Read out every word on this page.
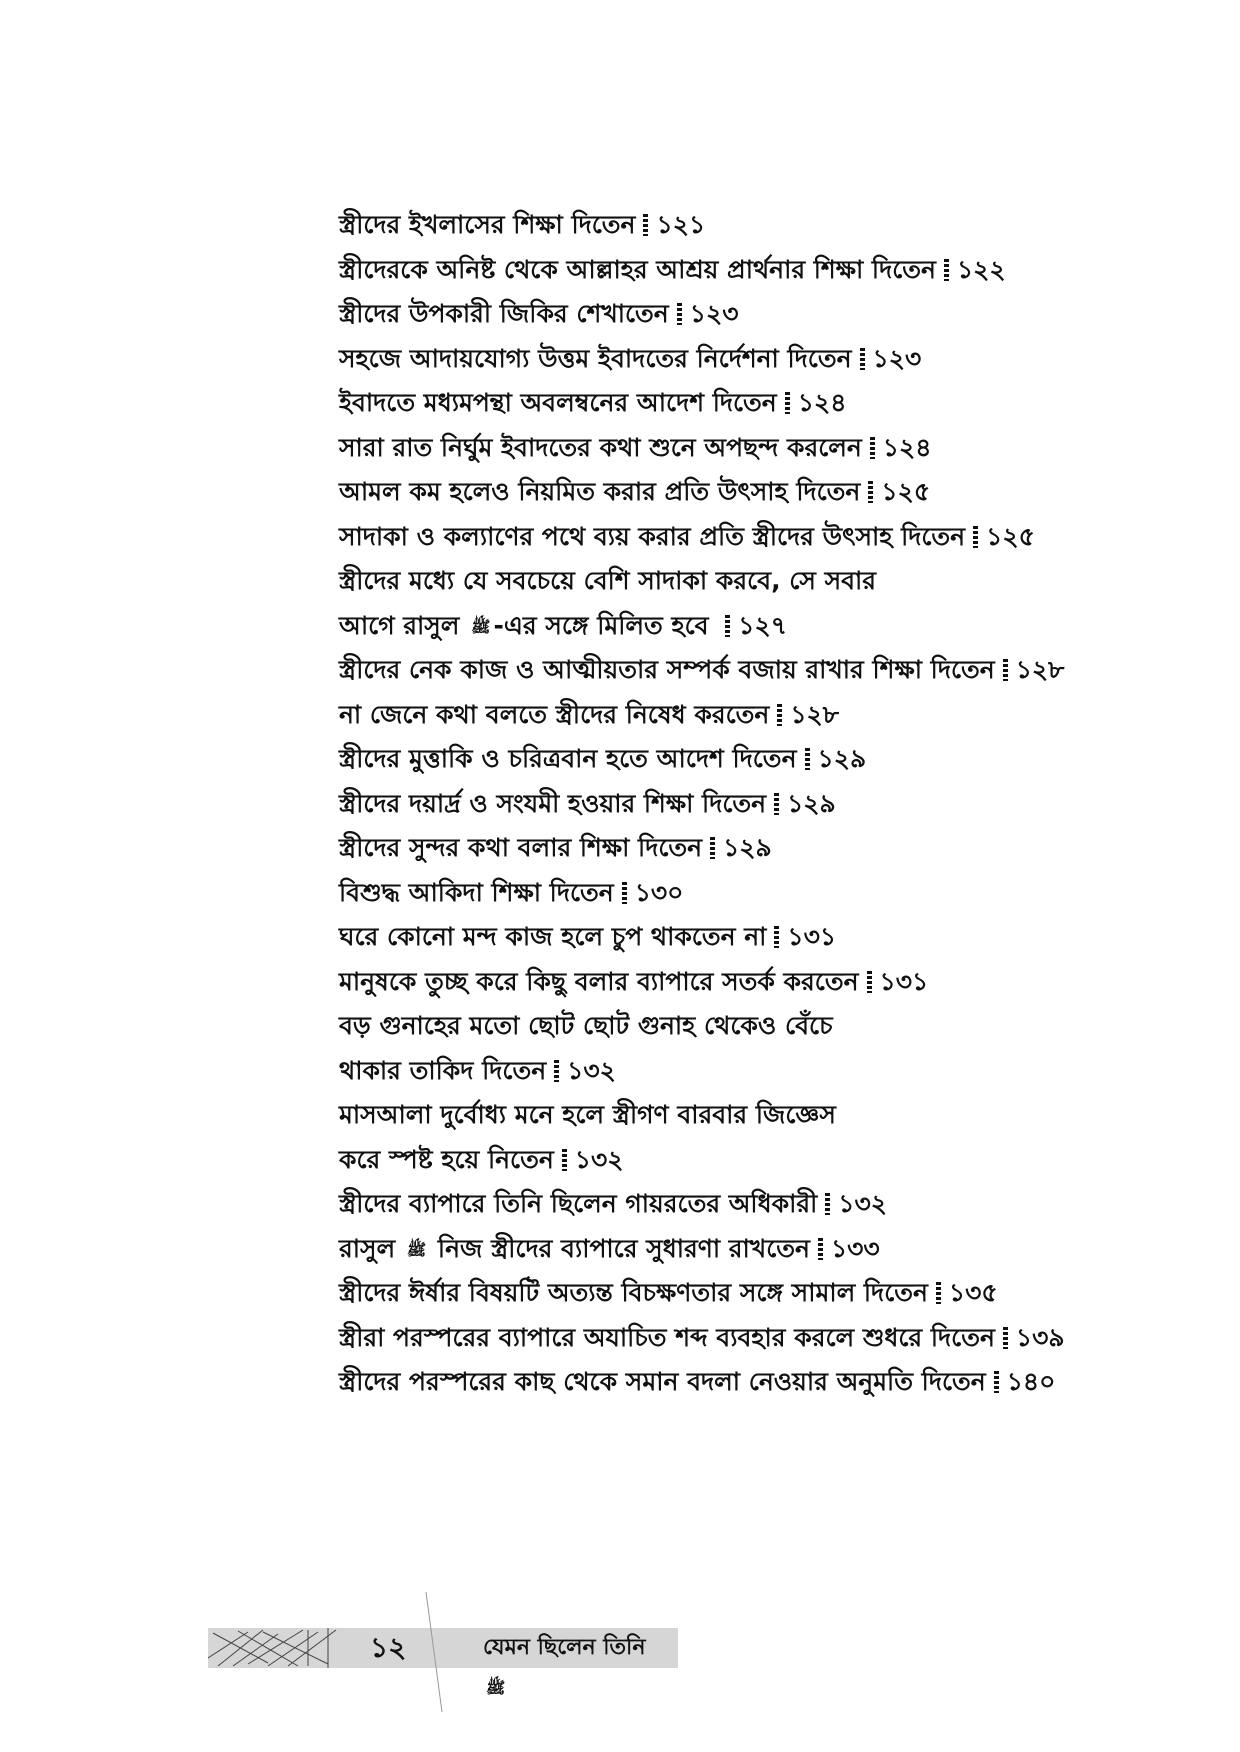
স্ত্রীদের ইখলাসের শিক্ষা দিতেন ১২১
স্ত্রীদেরকে অনিষ্ট থেকে আল্লাহর আশ্রয় প্রার্থনার শিক্ষা দিতেন ১২২
স্ত্রীদের উপকারী জিকির শেখাতেন ১২৩
সহজে আদায়যোগ্য উত্তম ইবাদতের নির্দেশনা দিতেন ১২৩
ইবাদতে মধ্যমপন্থা অবলম্বনের আদেশ দিতেন ১২৪
সারা রাত নির্ঘুম ইবাদতের কথা শুনে অপছন্দ করলেন ১২৪
আমল কম হলেও নিয়মিত করার প্রতি উৎসাহ দিতেন ১২৫
সাদাকা ও কল্যাণের পথে ব্যয় করার প্রতি স্ত্রীদের উৎসাহ দিতেন ১২৫
স্ত্রীদের মধ্যে যে সবচেয়ে বেশি সাদাকা করবে, সে সবার
আগে রাসুল ﷺ -এর সঙ্গে মিলিত হবে ১২৭
স্ত্রীদের নেক কাজ ও আত্মীয়তার সম্পর্ক বজায় রাখার শিক্ষা দিতেন ১২৮
না জেনে কথা বলতে স্ত্রীদের নিষেধ করতেন ১২৮
স্ত্রীদের মুত্তাকি ও চরিত্রবান হতে আদেশ দিতেন ১২৯
স্ত্রীদের দয়ার্দ্র ও সংযমী হওয়ার শিক্ষা দিতেন ১২৯
স্ত্রীদের সুন্দর কথা বলার শিক্ষা দিতেন ১২৯
বিশুদ্ধ আকিদা শিক্ষা দিতেন ১৩০
ঘরে কোনো মন্দ কাজ হলে চুপ থাকতেন না ১৩১
মানুষকে তুচ্ছ করে কিছু বলার ব্যাপারে সতর্ক করতেন ১৩১
বড় গুনাহের মতো ছোট ছোট গুনাহ থেকেও বেঁচে
থাকার তাকিদ দিতেন ১৩২
মাসআলা দুর্বোধ্য মনে হলে স্ত্রীগণ বারবার জিজ্ঞেস
করে স্পষ্ট হয়ে নিতেন ১৩২
স্ত্রীদের ব্যাপারে তিনি ছিলেন গায়রতের অধিকারী ১৩২
রাসুল ﷺ নিজ স্ত্রীদের ব্যাপারে সুধারণা রাখতেন ১৩৩
স্ত্রীদের ঈর্ষার বিষয়টি অত্যন্ত বিচক্ষণতার সঙ্গে সামাল দিতেন ১৩৫
স্ত্রীরা পরস্পরের ব্যাপারে অযাচিত শব্দ ব্যবহার করলে শুধরে দিতেন ১৩৯
স্ত্রীদের পরস্পরের কাছ থেকে সমান বদলা নেওয়ার অনুমতি দিতেন ১৪০
১২	যেমন ছিলেন তিনি ﷺ
